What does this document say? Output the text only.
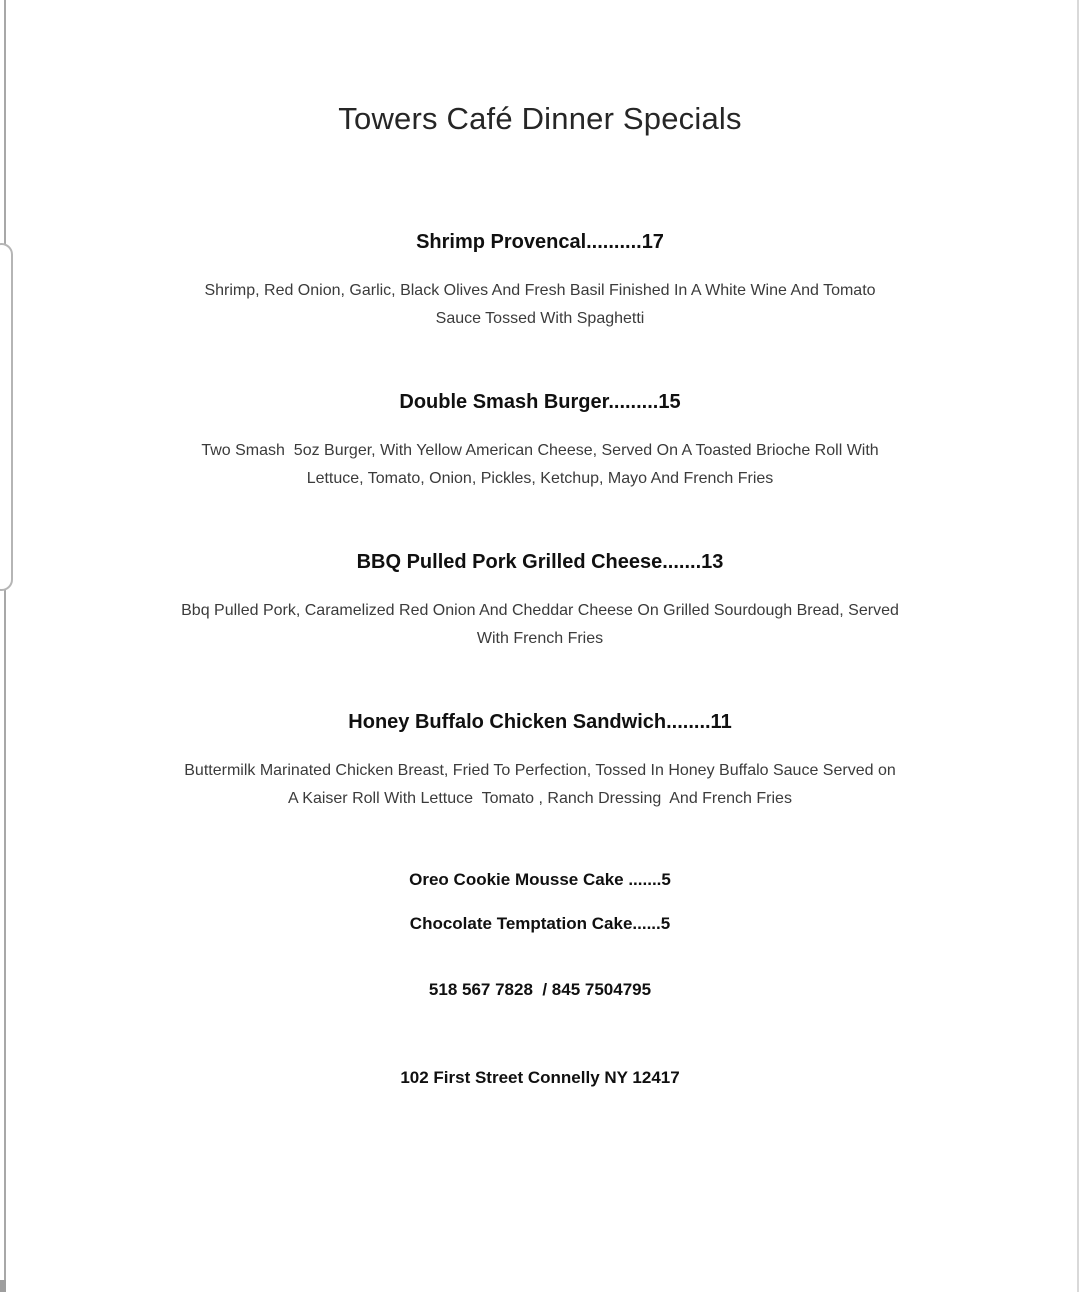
Towers Café Dinner Specials
Shrimp Provencal..........17
Shrimp, Red Onion, Garlic, Black Olives And Fresh Basil Finished In A White Wine And Tomato
Sauce Tossed With Spaghetti
Double Smash Burger.........15
Two Smash  5oz Burger, With Yellow American Cheese, Served On A Toasted Brioche Roll With
Lettuce, Tomato, Onion, Pickles, Ketchup, Mayo And French Fries
BBQ Pulled Pork Grilled Cheese.......13
Bbq Pulled Pork, Caramelized Red Onion And Cheddar Cheese On Grilled Sourdough Bread, Served
With French Fries
Honey Buffalo Chicken Sandwich........11
Buttermilk Marinated Chicken Breast, Fried To Perfection, Tossed In Honey Buffalo Sauce Served on
A Kaiser Roll With Lettuce  Tomato , Ranch Dressing  And French Fries
Oreo Cookie Mousse Cake .......5
Chocolate Temptation Cake......5
518 567 7828  / 845 7504795
102 First Street Connelly NY 12417
